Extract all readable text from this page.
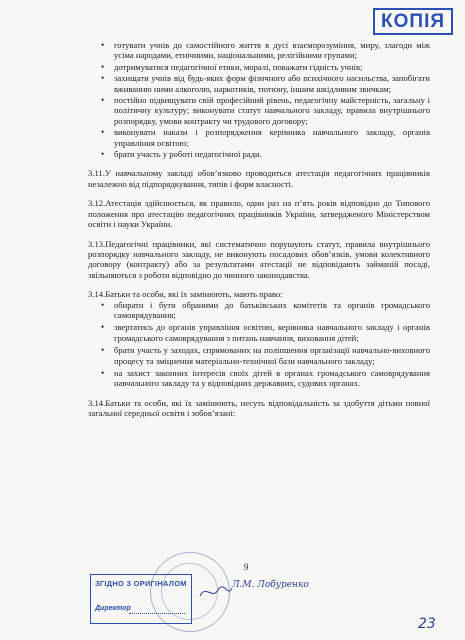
КОПІЯ
• готувати учнів до самостійного життя в дусі взаєморозуміння, миру, злагоди між усіма народами, етнічними, національними, релігійними групами;
• дотримуватися педагогічної етики, моралі, поважати гідність учнів;
• захищати учнів від будь-яких форм фізичного або психічного насильства, запобігати вживанню ними алкоголю, наркотиків, тютюну, іншим шкідливим звичкам;
• постійно підвищувати свій професійний рівень, педагогічну майстерність, загальну і політичну культуру; виконувати статут навчального закладу, правила внутрішнього розпорядку, умови контракту чи трудового договору;
• виконувати накази і розпорядження керівника навчального закладу, органів управління освітою;
• брати участь у роботі педагогічної ради.

3.11.У навчальному закладі обов’язково проводиться атестація педагогічних працівників незалежно від підпорядкування, типів і форм власності.

3.12.Атестація здійснюється, як правило, один раз на п’ять років відповідно до Типового положення про атестацію педагогічних працівників України, затвердженого Міністерством освіти і науки України.

3.13.Педагогічні працівники, які систематично порушують статут, правила внутрішнього розпорядку навчального закладу, не виконують посадових обов’язків, умови колективного договору (контракту) або за результатами атестації не відповідають займаній посаді, звільняються з роботи відповідно до чинного законодавства.

3.14.Батьки та особи, які їх замінюють, мають право:

• обирати і бути обраними до батьківських комітетів та органів громадського самоврядування;
• звертатись до органів управління освітою, керівника навчального закладу і органів громадського самоврядування з питань навчання, виховання дітей;
• брати участь у заходах, спрямованих на поліпшення організації навчально-виховного процесу та зміцнення матеріально-технічної бази навчального закладу;
• на захист законних інтересів своїх дітей в органах громадського самоврядування навчального закладу та у відповідних державних, судових органах.

3.14.Батьки та особи, які їх замінюють, несуть відповідальність за здобуття дітьми повної загальної середньої освіти і зобов’язані:

9
ЗГІДНО З ОРИГІНАЛОМ
Директор
Л.М. Лобуренко
23
